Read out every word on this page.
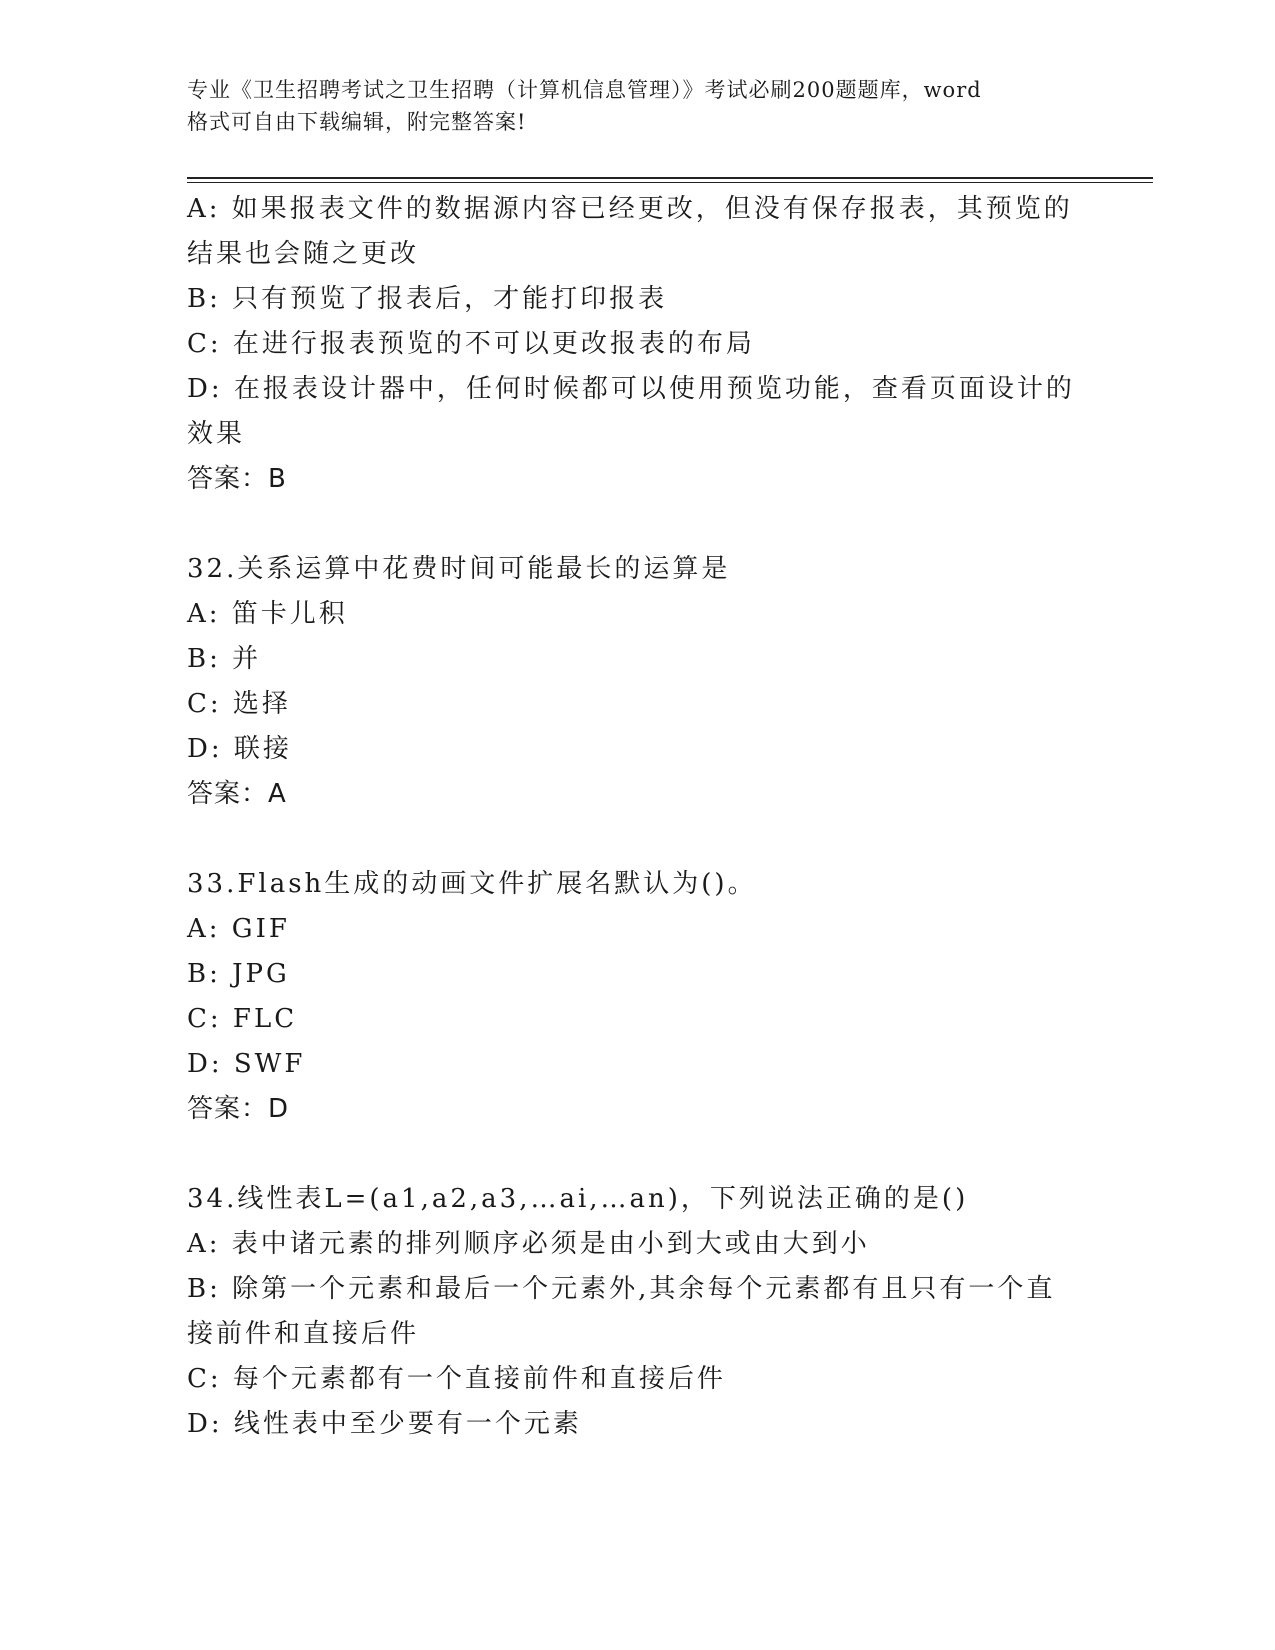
专业《卫生招聘考试之卫生招聘（计算机信息管理）》考试必刷200题题库，word
格式可自由下载编辑，附完整答案!
A: 如果报表文件的数据源内容已经更改，但没有保存报表，其预览的
结果也会随之更改
B: 只有预览了报表后，才能打印报表
C: 在进行报表预览的不可以更改报表的布局
D: 在报表设计器中，任何时候都可以使用预览功能，查看页面设计的
效果
答案：B
32.关系运算中花费时间可能最长的运算是
A: 笛卡儿积
B: 并
C: 选择
D: 联接
答案：A
33.Flash生成的动画文件扩展名默认为()。
A: GIF
B: JPG
C: FLC
D: SWF
答案：D
34.线性表L=(a1,a2,a3,…ai,…an)，下列说法正确的是()
A: 表中诸元素的排列顺序必须是由小到大或由大到小
B: 除第一个元素和最后一个元素外,其余每个元素都有且只有一个直
接前件和直接后件
C: 每个元素都有一个直接前件和直接后件
D: 线性表中至少要有一个元素
